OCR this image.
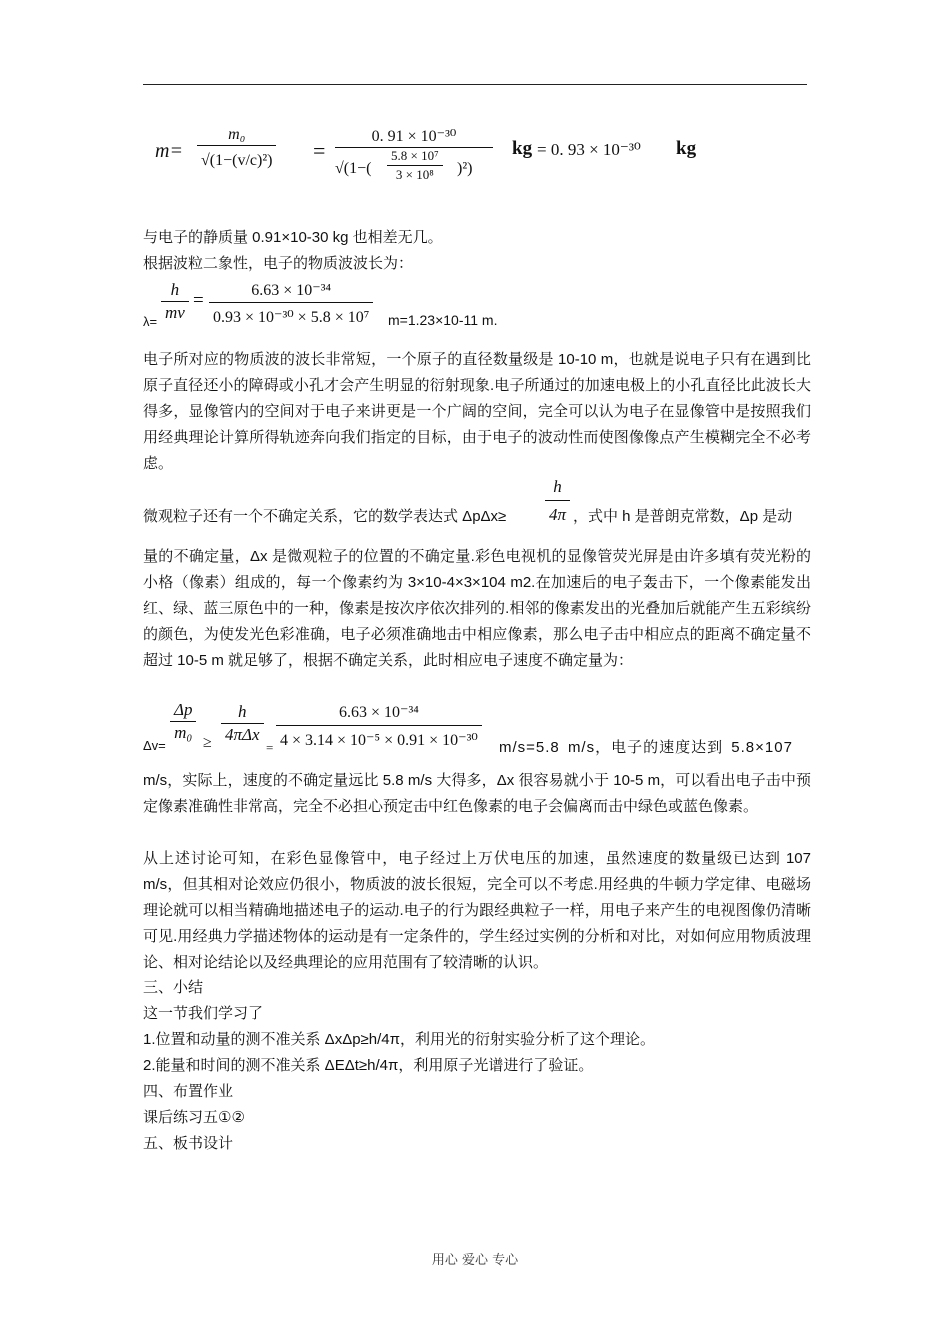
$m= \frac{\text{m₀}}{\text{√(1−(v/c)²)}}$ =
0. 91 × 10⁻³⁰
$√(1-( \frac{\text{5.8 × 10⁷}}{\text{3 × 10⁸}} )^2)$
kg = 0. 93 × 10⁻³⁰ kg
与电子的静质量 0.91×10-30 kg 也相差无几。
根据波粒二象性，电子的物质波波长为：
$\lambda= \frac{h}{mv} = \frac{\text{6.63 × 10⁻³⁴}}{\text{0.93 × 10⁻³⁰ × 5.8 × 10⁷}} m=1.23\times 10-11$ m.
电子所对应的物质波的波长非常短，一个原子的直径数量级是 10-10 m，也就是说电子只有在遇到比原子直径还小的障碍或小孔才会产生明显的衍射现象.电子所通过的加速电极上的小孔直径比此波长大得多，显像管内的空间对于电子来讲更是一个广阔的空间，完全可以认为电子在显像管中是按照我们用经典理论计算所得轨迹奔向我们指定的目标，由于电子的波动性而使图像像点产生模糊完全不必考虑。
微观粒子还有一个不确定关系，它的数学表达式 $\Delta p\Delta x\ge \frac{h}{4\pi}$ ，式中 h 是普朗克常数，Δp 是动
量的不确定量，Δx 是微观粒子的位置的不确定量.彩色电视机的显像管荧光屏是由许多填有荧光粉的小格（像素）组成的，每一个像素约为 3×10-4×3×104 m2.在加速后的电子轰击下，一个像素能发出红、绿、蓝三原色中的一种，像素是按次序依次排列的.相邻的像素发出的光叠加后就能产生五彩缤纷的颜色，为使发光色彩准确，电子必须准确地击中相应像素，那么电子击中相应点的距离不确定量不超过 10-5 m 就足够了，根据不确定关系，此时相应电子速度不确定量为：
Δv=
$\frac{\Delta p}{\text{m₀}}$ ≥
h
4πΔx
= $\frac{\text{6.63 × 10⁻³⁴}}{\text{4 × 3.14 × 10⁻⁵ × 0.91 × 10⁻³⁰}} m/s=5.8$ m/s，电子的速度达到 5.8×107
m/s，实际上，速度的不确定量远比 5.8 m/s 大得多，Δx 很容易就小于 10-5 m，可以看出电子击中预定像素准确性非常高，完全不必担心预定击中红色像素的电子会偏离而击中绿色或蓝色像素。
从上述讨论可知，在彩色显像管中，电子经过上万伏电压的加速，虽然速度的数量级已达到 107 m/s，但其相对论效应仍很小，物质波的波长很短，完全可以不考虑.用经典的牛顿力学定律、电磁场理论就可以相当精确地描述电子的运动.电子的行为跟经典粒子一样，用电子来产生的电视图像仍清晰可见.用经典力学描述物体的运动是有一定条件的，学生经过实例的分析和对比，对如何应用物质波理论、相对论结论以及经典理论的应用范围有了较清晰的认识。
三、小结
这一节我们学习了
1.位置和动量的测不准关系 ΔxΔp≥h/4π，利用光的衍射实验分析了这个理论。
2.能量和时间的测不准关系 ΔEΔt≥h/4π，利用原子光谱进行了验证。
四、布置作业
课后练习五①②
五、板书设计
用心 爱心 专心
